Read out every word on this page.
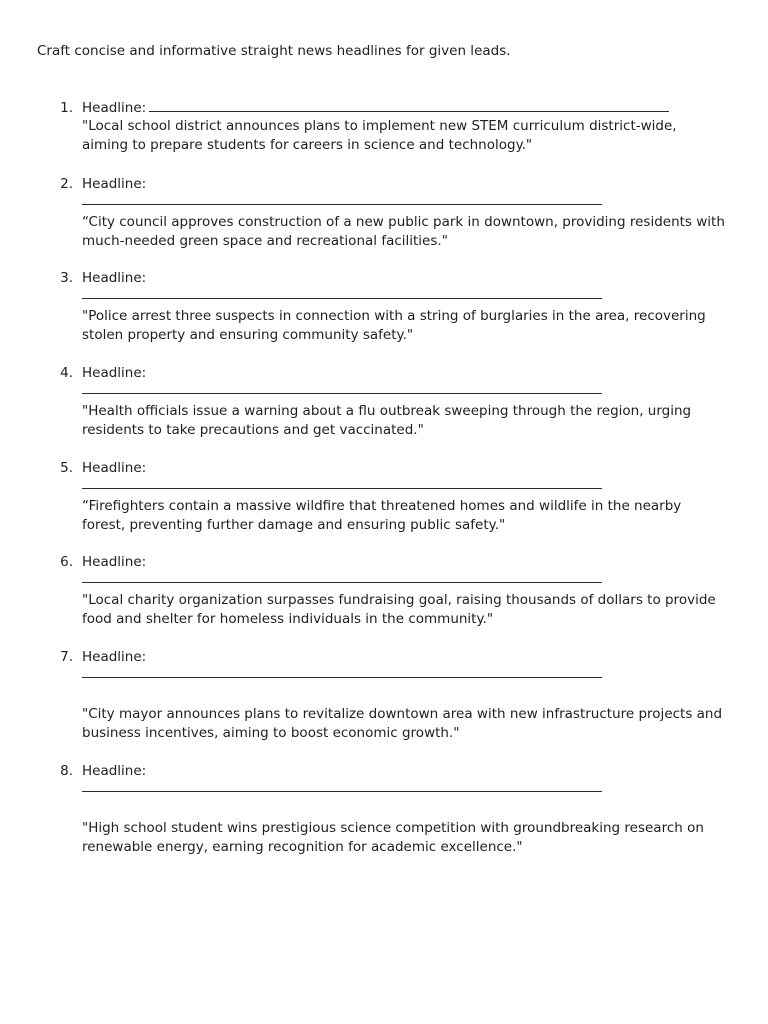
Craft concise and informative straight news headlines for given leads.
1. Headline:
"Local school district announces plans to implement new STEM curriculum district-wide, aiming to prepare students for careers in science and technology."
2. Headline:
“City council approves construction of a new public park in downtown, providing residents with much-needed green space and recreational facilities."
3. Headline:
"Police arrest three suspects in connection with a string of burglaries in the area, recovering stolen property and ensuring community safety."
4. Headline:
"Health officials issue a warning about a flu outbreak sweeping through the region, urging residents to take precautions and get vaccinated."
5. Headline:
“Firefighters contain a massive wildfire that threatened homes and wildlife in the nearby forest, preventing further damage and ensuring public safety."
6. Headline:
"Local charity organization surpasses fundraising goal, raising thousands of dollars to provide food and shelter for homeless individuals in the community."
7. Headline:
"City mayor announces plans to revitalize downtown area with new infrastructure projects and business incentives, aiming to boost economic growth."
8. Headline:
"High school student wins prestigious science competition with groundbreaking research on renewable energy, earning recognition for academic excellence."
